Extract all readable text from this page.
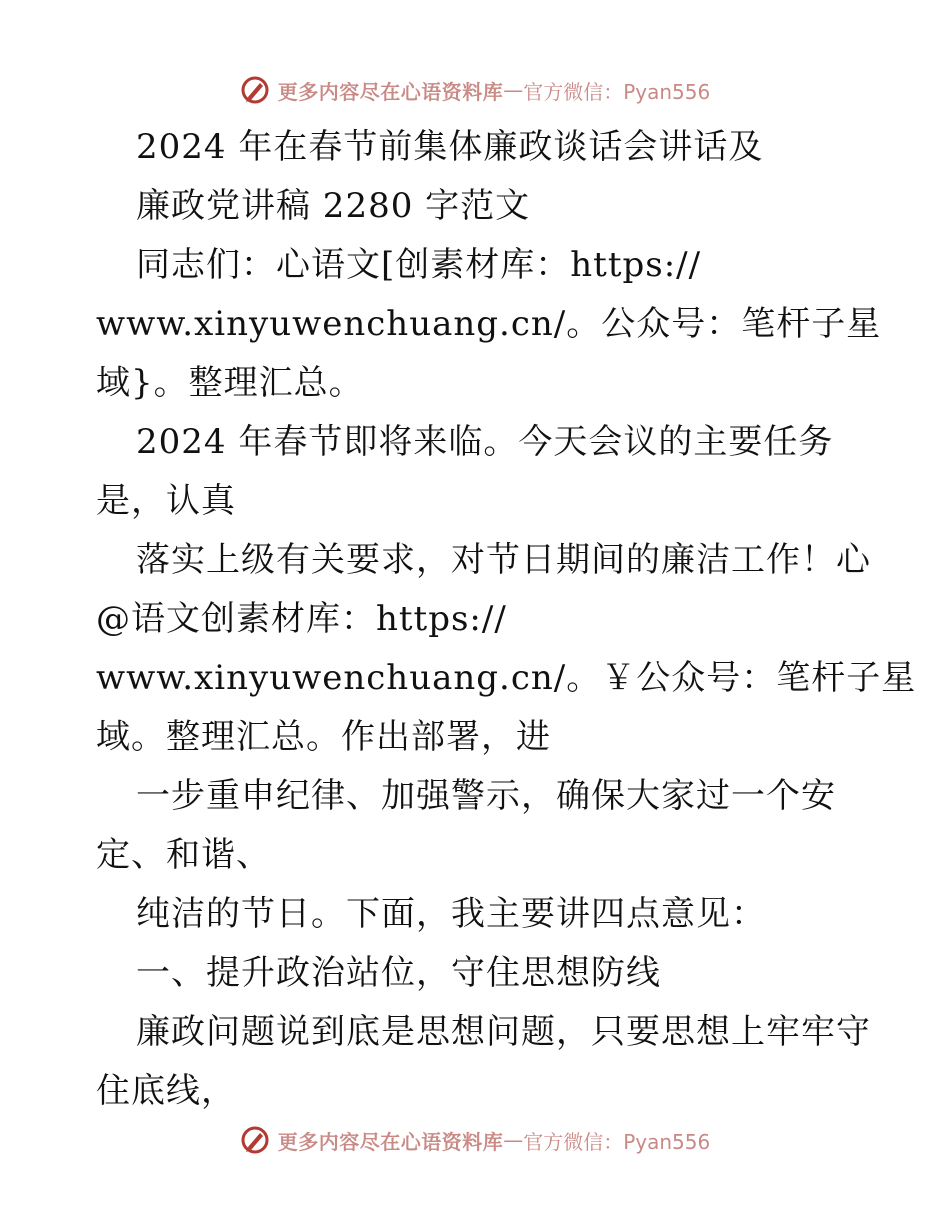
更多内容尽在心语资料库 — 官方微信：Pyan556
2024 年在春节前集体廉政谈话会讲话及
廉政党讲稿 2280 字范文
同志们：心语文[创素材库：https://
www.xinyuwenchuang.cn/。公众号：笔杆子星
域}。整理汇总。
2024 年春节即将来临。今天会议的主要任务
是，认真
落实上级有关要求，对节日期间的廉洁工作！心
@语文创素材库：https://
www.xinyuwenchuang.cn/。￥公众号：笔杆子星
域。整理汇总。作出部署，进
一步重申纪律、加强警示，确保大家过一个安
定、和谐、
纯洁的节日。下面，我主要讲四点意见：
一、提升政治站位，守住思想防线
廉政问题说到底是思想问题，只要思想上牢牢守
住底线，
更多内容尽在心语资料库 — 官方微信：Pyan556
